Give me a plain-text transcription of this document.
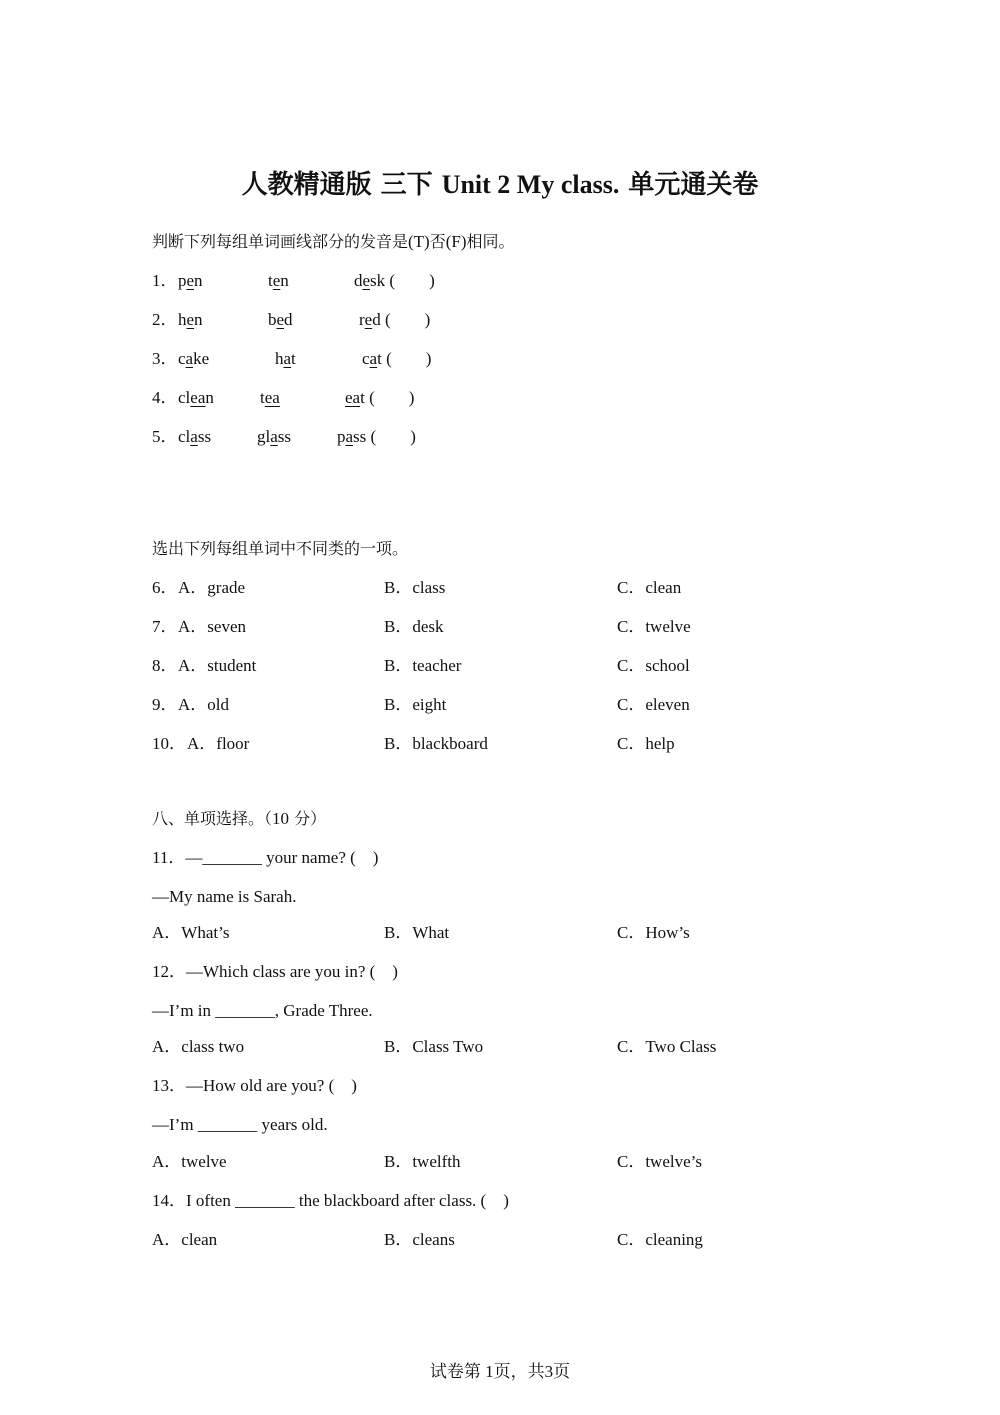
人教精通版 三下 Unit 2 My class. 单元通关卷
判断下列每组单词画线部分的发音是(T)否(F)相同。
1． pen	ten	desk (　　)
2． hen	bed	red (　　)
3． cake	hat	cat (　　)
4． clean	tea	eat (　　)
5． class	glass	pass (　　)
选出下列每组单词中不同类的一项。
6． A．grade	B．class	C．clean
7． A．seven	B．desk	C．twelve
8． A．student	B．teacher	C．school
9． A．old	B．eight	C．eleven
10． A．floor	B．blackboard	C．help
八、单项选择。（10 分）
11．—_______ your name? (　)
—My name is Sarah.
A．What’s	B．What	C．How’s
12．—Which class are you in? (　)
—I’m in _______, Grade Three.
A．class two	B．Class Two	C．Two Class
13．—How old are you? (　)
—I’m _______ years old.
A．twelve	B．twelfth	C．twelve’s
14．I often _______ the blackboard after class. (　)
A．clean	B．cleans	C．cleaning
试卷第 1页，共3页
